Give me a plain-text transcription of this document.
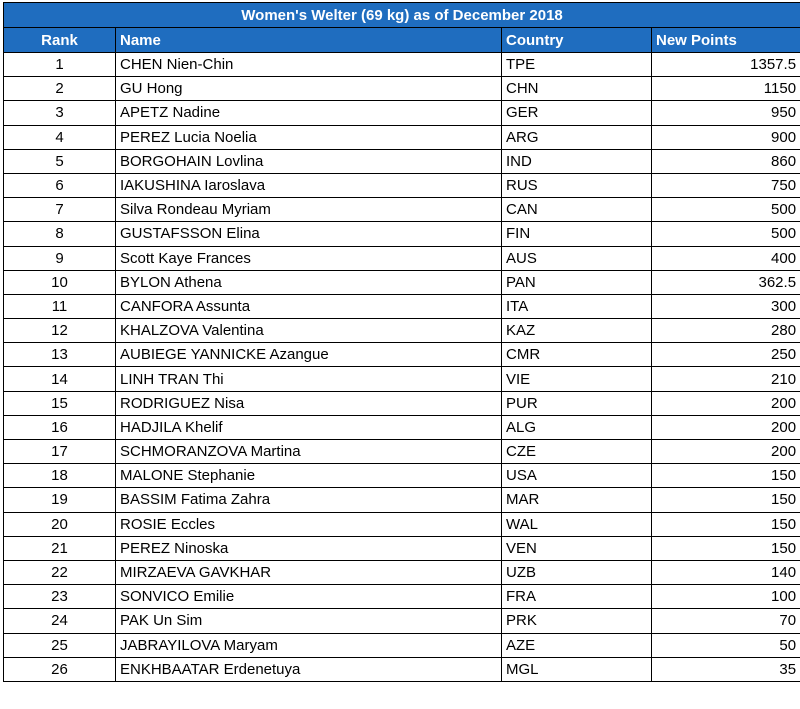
Women's Welter (69 kg) as of December 2018			
Rank	Name	Country	New Points
1	CHEN Nien-Chin	TPE	1357.5
2	GU Hong	CHN	1150
3	APETZ Nadine	GER	950
4	PEREZ Lucia Noelia	ARG	900
5	BORGOHAIN Lovlina	IND	860
6	IAKUSHINA Iaroslava	RUS	750
7	Silva Rondeau Myriam	CAN	500
8	GUSTAFSSON Elina	FIN	500
9	Scott Kaye Frances	AUS	400
10	BYLON Athena	PAN	362.5
11	CANFORA Assunta	ITA	300
12	KHALZOVA Valentina	KAZ	280
13	AUBIEGE YANNICKE Azangue	CMR	250
14	LINH TRAN Thi	VIE	210
15	RODRIGUEZ Nisa	PUR	200
16	HADJILA Khelif	ALG	200
17	SCHMORANZOVA Martina	CZE	200
18	MALONE Stephanie	USA	150
19	BASSIM Fatima Zahra	MAR	150
20	ROSIE Eccles	WAL	150
21	PEREZ Ninoska	VEN	150
22	MIRZAEVA GAVKHAR	UZB	140
23	SONVICO Emilie	FRA	100
24	PAK Un Sim	PRK	70
25	JABRAYILOVA Maryam	AZE	50
26	ENKHBAATAR Erdenetuya	MGL	35
